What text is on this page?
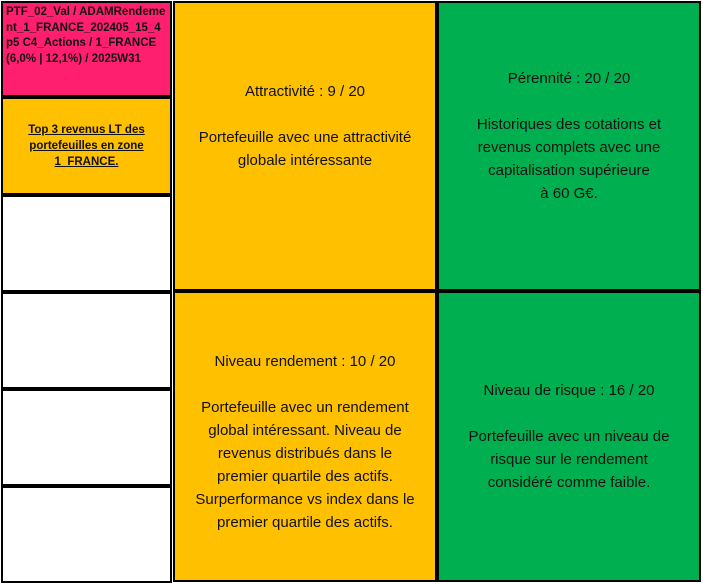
PTF_02_Val / ADAMRendement_1_FRANCE_202405_15_4p5 C4_Actions / 1_FRANCE (6,0% | 12,1%) / 2025W31
Top 3 revenus LT des portefeuilles en zone 1_FRANCE.
Attractivité : 9 / 20
Portefeuille avec une attractivité
globale intéressante
Pérennité : 20 / 20
Historiques des cotations et
revenus complets avec une
capitalisation supérieure
à 60 G€.
Niveau rendement : 10 / 20
Portefeuille avec un rendement
global intéressant. Niveau de
revenus distribués dans le
premier quartile des actifs.
Surperformance vs index dans le
premier quartile des actifs.
Niveau de risque : 16 / 20
Portefeuille avec un niveau de
risque sur le rendement
considéré comme faible.
